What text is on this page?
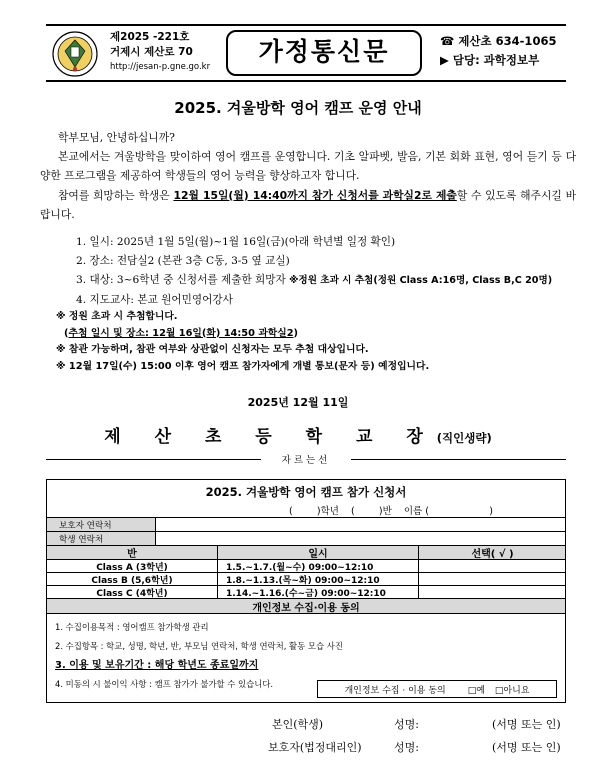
제2025 -221호
거제시 제산로 70
http://jesan-p.gne.go.kr
가정통신문	☎ 제산초 634-1065
▶ 담당: 과학정보부
2025. 겨울방학 영어 캠프 운영 안내

학부모님, 안녕하십니까?

본교에서는 겨울방학을 맞이하여 영어 캠프를 운영합니다. 기초 알파벳, 발음, 기본 회화 표현, 영어 듣기 등 다양한 프로그램을 제공하여 학생들의 영어 능력을 향상하고자 합니다.

참여를 희망하는 학생은 12월 15일(월) 14:40까지 참가 신청서를 과학실2로 제출할 수 있도록 해주시길 바랍니다.

1. 일시: 2025년 1월 5일(월)~1월 16일(금)(아래 학년별 일정 확인)
2. 장소: 전담실2 (본관 3층 C동, 3-5 옆 교실)
3. 대상: 3~6학년 중 신청서를 제출한 희망자 ※정원 초과 시 추첨(정원 Class A:16명, Class B,C 20명)
4. 지도교사: 본교 원어민영어강사
※ 정원 초과 시 추첨합니다.
(추첨 일시 및 장소: 12월 16일(화) 14:50 과학실2)
※ 참관 가능하며, 참관 여부와 상관없이 신청자는 모두 추첨 대상입니다.
※ 12월 17일(수) 15:00 이후 영어 캠프 참가자에게 개별 통보(문자 등) 예정입니다.
2025년 12월 11일
제 산 초 등 학 교 장(직인생략)
자르는선
2025. 겨울방학 영어 캠프 참가 신청서
(        )학년    (        )반    이름 (                    )
보호자 연락처
학생 연락처
반	일시	선택( √ )
Class A (3학년)	1.5.~1.7.(월~수) 09:00~12:10
Class B (5,6학년)	1.8.~1.13.(목~화) 09:00~12:10
Class C (4학년)	1.14.~1.16.(수~금) 09:00~12:10
개인정보 수집·이용 동의
1. 수집이용목적 : 영어캠프 참가학생 관리
2. 수집항목 : 학교, 성명, 학년, 반, 부모님 연락처, 학생 연락처, 활동 모습 사진
3. 이용 및 보유기간 : 해당 학년도 종료일까지
4. 미동의 시 불이익 사항 : 캠프 참가가 불가할 수 있습니다.
개인정보 수집 · 이용 동의 □예 □아니요
본인(학생)	성명:	(서명 또는 인)
보호자(법정대리인)	성명:	(서명 또는 인)
